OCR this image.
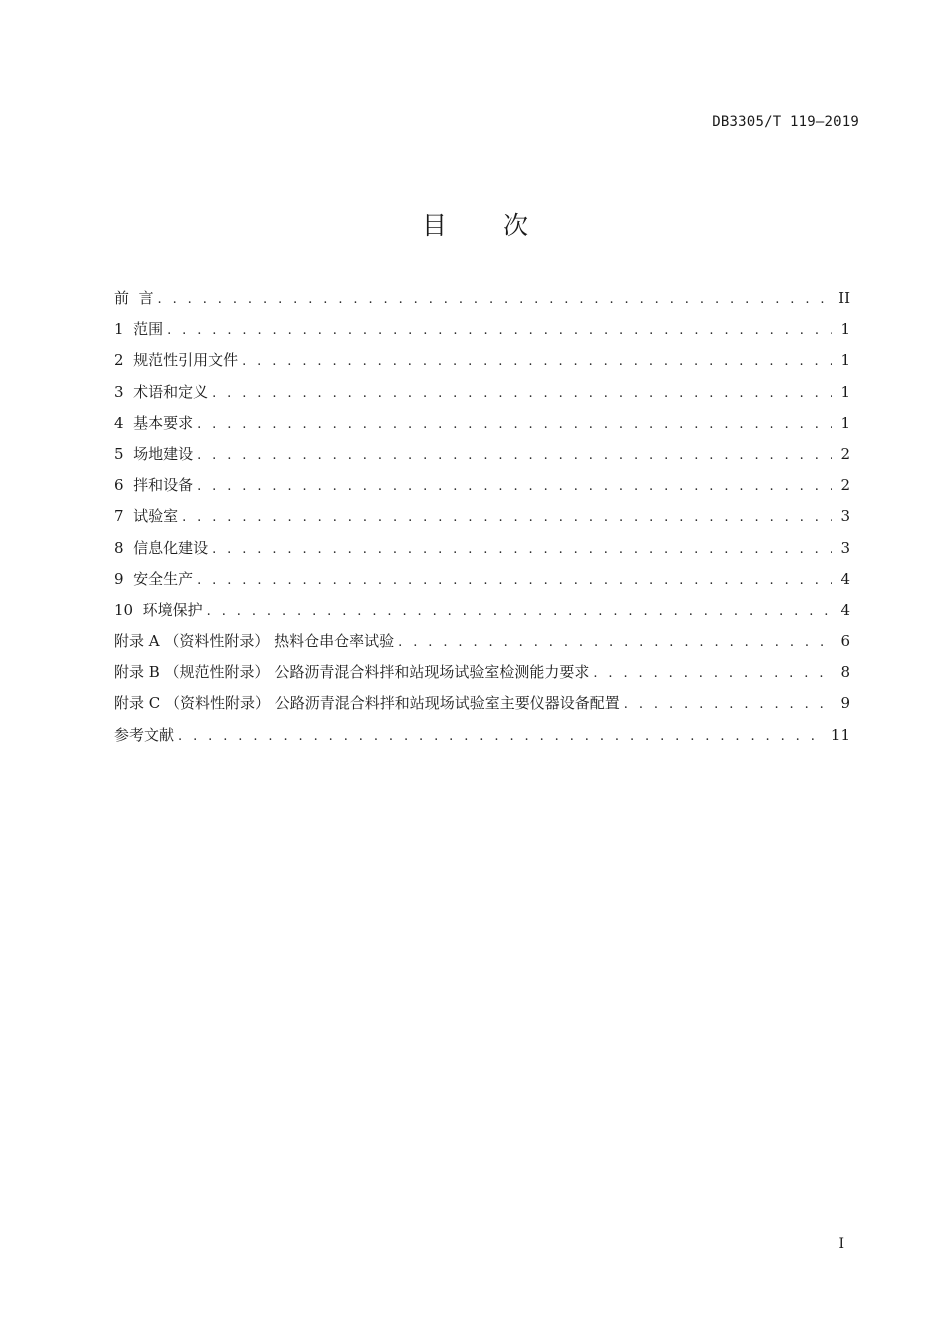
DB3305/T 119—2019
目 次
前  言 . . .	II
1  范围 . . .	1
2  规范性引用文件 . . .	1
3  术语和定义 . . .	1
4  基本要求 . . .	1
5  场地建设 . . .	2
6  拌和设备 . . .	2
7  试验室 . . .	3
8  信息化建设 . . .	3
9  安全生产 . . .	4
10  环境保护 . . .	4
附录 A （资料性附录） 热料仓串仓率试验 . . .	6
附录 B （规范性附录） 公路沥青混合料拌和站现场试验室检测能力要求 . . .	8
附录 C （资料性附录） 公路沥青混合料拌和站现场试验室主要仪器设备配置 . . .	9
参考文献 . . .	11
I
